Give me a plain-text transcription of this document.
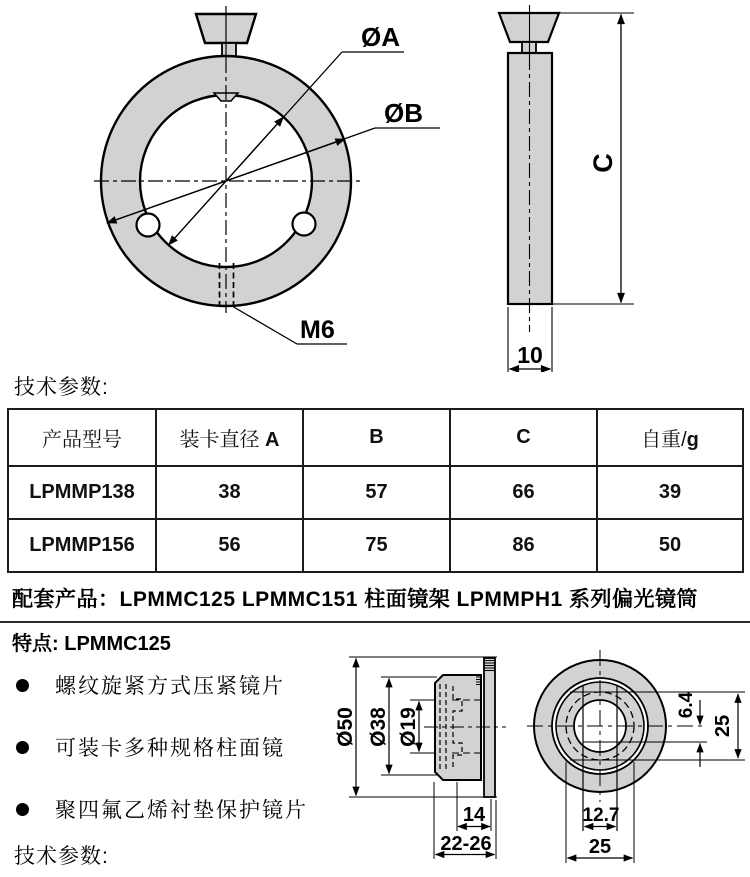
ØA
ØB
M6
C
10
技术参数:
产品型号	装卡直径 A	B	C	自重/g
LPMMP138	38	57	66	39
LPMMP156	56	75	86	50
配套产品：LPMMC125 LPMMC151 柱面镜架 LPMMPH1 系列偏光镜筒
特点: LPMMC125
螺纹旋紧方式压紧镜片
可装卡多种规格柱面镜
聚四氟乙烯衬垫保护镜片
技术参数:
Ø50 Ø38 Ø19
14
22-26
6.4
25
12.7
25
